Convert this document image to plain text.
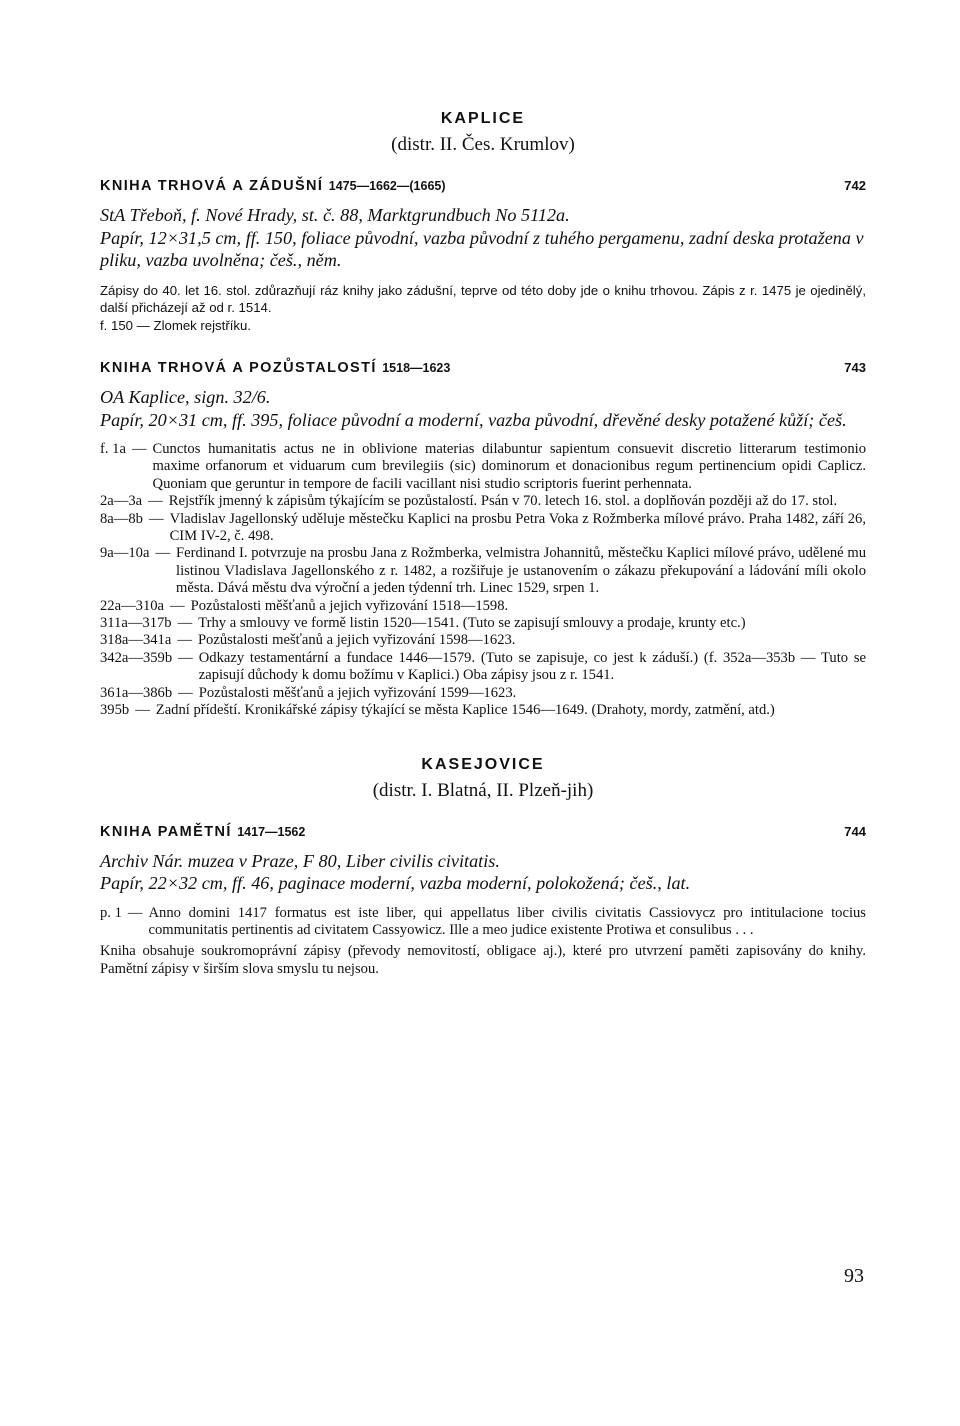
KAPLICE
(distr. II. Čes. Krumlov)
KNIHA TRHOVÁ A ZÁDUŠNÍ 1475—1662—(1665)	742
StA Třeboň, f. Nové Hrady, st. č. 88, Marktgrundbuch No 5112a.
Papír, 12×31,5 cm, ff. 150, foliace původní, vazba původní z tuhého pergamenu, zadní deska protažena v pliku, vazba uvolněna; češ., něm.
Zápisy do 40. let 16. stol. zdůrazňují ráz knihy jako zádušní, teprve od této doby jde o knihu trhovou. Zápis z r. 1475 je ojedinělý, další přicházejí až od r. 1514.
f. 150 — Zlomek rejstříku.
KNIHA TRHOVÁ A POZŮSTALOSTÍ 1518—1623	743
OA Kaplice, sign. 32/6.
Papír, 20×31 cm, ff. 395, foliace původní a moderní, vazba původní, dřevěné desky potažené kůží; češ.
f. 1a — Cunctos humanitatis actus ne in oblivione materias dilabuntur sapientum consuevit discretio litterarum testimonio maxime orfanorum et viduarum cum brevilegiis (sic) dominorum et donacionibus regum pertinencium opidi Caplicz. Quoniam que geruntur in tempore de facili vacillant nisi studio scriptoris fuerint perhennata.
2a—3a — Rejstřík jmenný k zápisům týkajícím se pozůstalostí. Psán v 70. letech 16. stol. a doplňován později až do 17. stol.
8a—8b — Vladislav Jagellonský uděluje městečku Kaplici na prosbu Petra Voka z Rožmberka mílové právo. Praha 1482, září 26, CIM IV-2, č. 498.
9a—10a — Ferdinand I. potvrzuje na prosbu Jana z Rožmberka, velmistra Johannitů, městečku Kaplici mílové právo, udělené mu listinou Vladislava Jagellonského z r. 1482, a rozšiřuje je ustanovením o zákazu překupování a ládování míli okolo města. Dává městu dva výroční a jeden týdenní trh. Linec 1529, srpen 1.
22a—310a — Pozůstalosti měšťanů a jejich vyřizování 1518—1598.
311a—317b — Trhy a smlouvy ve formě listin 1520—1541. (Tuto se zapisují smlouvy a prodaje, krunty etc.)
318a—341a — Pozůstalosti mešťanů a jejich vyřizování 1598—1623.
342a—359b — Odkazy testamentární a fundace 1446—1579. (Tuto se zapisuje, co jest k záduší.) (f. 352a—353b — Tuto se zapisují důchody k domu božímu v Kaplici.) Oba zápisy jsou z r. 1541.
361a—386b — Pozůstalosti měšťanů a jejich vyřizování 1599—1623.
395b — Zadní přídeští. Kronikářské zápisy týkající se města Kaplice 1546—1649. (Drahoty, mordy, zatmění, atd.)
KASEJOVICE
(distr. I. Blatná, II. Plzeň-jih)
KNIHA PAMĚTNÍ 1417—1562	744
Archiv Nár. muzea v Praze, F 80, Liber civilis civitatis.
Papír, 22×32 cm, ff. 46, paginace moderní, vazba moderní, polokožená; češ., lat.
p. 1 — Anno domini 1417 formatus est iste liber, qui appellatus liber civilis civitatis Cassiovycz pro intitulacione tocius communitatis pertinentis ad civitatem Cassyowicz. Ille a meo judice existente Protiwa et consulibus . . .
Kniha obsahuje soukromoprávní zápisy (převody nemovitostí, obligace aj.), které pro utvrzení paměti zapisovány do knihy. Pamětní zápisy v širším slova smyslu tu nejsou.
93
